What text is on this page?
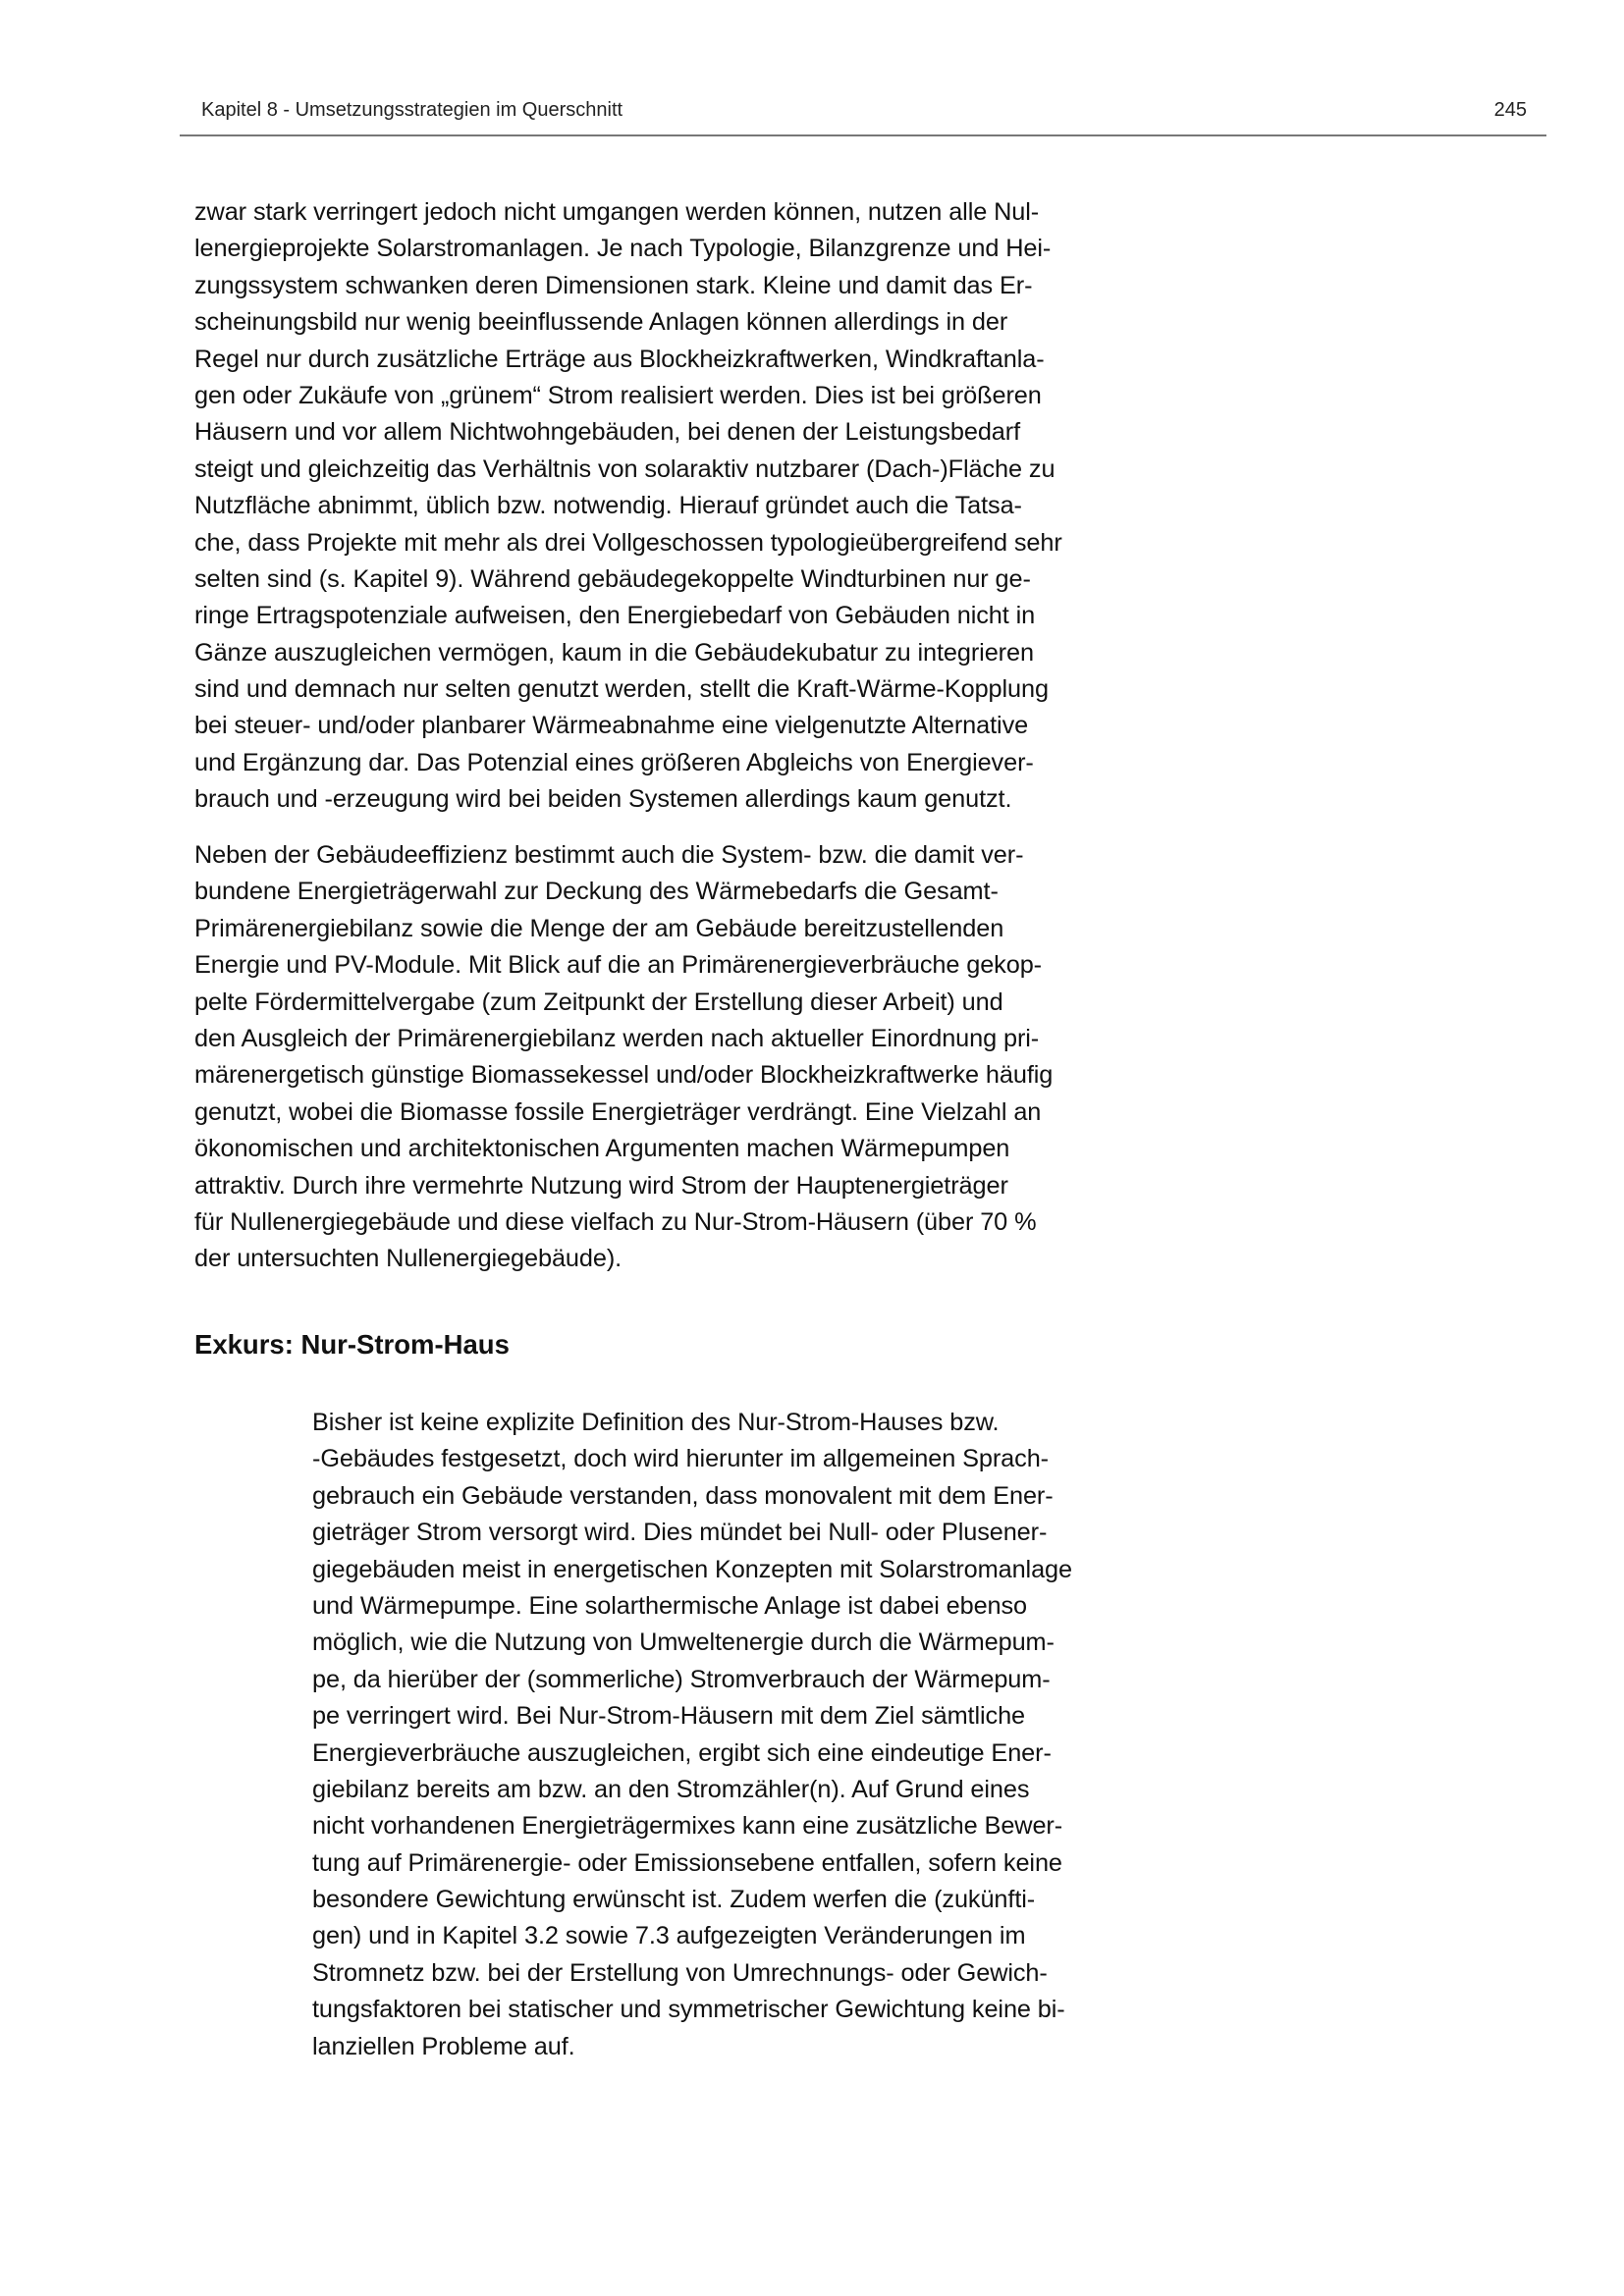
Kapitel 8 - Umsetzungsstrategien im Querschnitt	245
zwar stark verringert jedoch nicht umgangen werden können, nutzen alle Nul-
lenergieprojekte Solarstromanlagen. Je nach Typologie, Bilanzgrenze und Hei-
zungssystem schwanken deren Dimensionen stark. Kleine und damit das Er-
scheinungsbild nur wenig beeinflussende Anlagen können allerdings in der
Regel nur durch zusätzliche Erträge aus Blockheizkraftwerken, Windkraftanla-
gen oder Zukäufe von „grünem“ Strom realisiert werden. Dies ist bei größeren
Häusern und vor allem Nichtwohngebäuden, bei denen der Leistungsbedarf
steigt und gleichzeitig das Verhältnis von solaraktiv nutzbarer (Dach-)Fläche zu
Nutzfläche abnimmt, üblich bzw. notwendig. Hierauf gründet auch die Tatsa-
che, dass Projekte mit mehr als drei Vollgeschossen typologieübergreifend sehr
selten sind (s. Kapitel 9). Während gebäudegekoppelte Windturbinen nur ge-
ringe Ertragspotenziale aufweisen, den Energiebedarf von Gebäuden nicht in
Gänze auszugleichen vermögen, kaum in die Gebäudekubatur zu integrieren
sind und demnach nur selten genutzt werden, stellt die Kraft-Wärme-Kopplung
bei steuer- und/oder planbarer Wärmeabnahme eine vielgenutzte Alternative
und Ergänzung dar. Das Potenzial eines größeren Abgleichs von Energiever-
brauch und -erzeugung wird bei beiden Systemen allerdings kaum genutzt.
Neben der Gebäudeeffizienz bestimmt auch die System- bzw. die damit ver-
bundene Energieträgerwahl zur Deckung des Wärmebedarfs die Gesamt-
Primärenergiebilanz sowie die Menge der am Gebäude bereitzustellenden
Energie und PV-Module. Mit Blick auf die an Primärenergieverbräuche gekop-
pelte Fördermittelvergabe (zum Zeitpunkt der Erstellung dieser Arbeit) und
den Ausgleich der Primärenergiebilanz werden nach aktueller Einordnung pri-
märenergetisch günstige Biomassekessel und/oder Blockheizkraftwerke häufig
genutzt, wobei die Biomasse fossile Energieträger verdrängt. Eine Vielzahl an
ökonomischen und architektonischen Argumenten machen Wärmepumpen
attraktiv. Durch ihre vermehrte Nutzung wird Strom der Hauptenergieträger
für Nullenergiegebäude und diese vielfach zu Nur-Strom-Häusern (über 70 %
der untersuchten Nullenergiegebäude).
Exkurs: Nur-Strom-Haus
Bisher ist keine explizite Definition des Nur-Strom-Hauses bzw.
-Gebäudes festgesetzt, doch wird hierunter im allgemeinen Sprach-
gebrauch ein Gebäude verstanden, dass monovalent mit dem Ener-
gieträger Strom versorgt wird. Dies mündet bei Null- oder Plusener-
giegebäuden meist in energetischen Konzepten mit Solarstromanlage
und Wärmepumpe. Eine solarthermische Anlage ist dabei ebenso
möglich, wie die Nutzung von Umweltenergie durch die Wärmepum-
pe, da hierüber der (sommerliche) Stromverbrauch der Wärmepum-
pe verringert wird. Bei Nur-Strom-Häusern mit dem Ziel sämtliche
Energieverbräuche auszugleichen, ergibt sich eine eindeutige Ener-
giebilanz bereits am bzw. an den Stromzähler(n). Auf Grund eines
nicht vorhandenen Energieträgermixes kann eine zusätzliche Bewer-
tung auf Primärenergie- oder Emissionsebene entfallen, sofern keine
besondere Gewichtung erwünscht ist. Zudem werfen die (zukünfti-
gen) und in Kapitel 3.2 sowie 7.3 aufgezeigten Veränderungen im
Stromnetz bzw. bei der Erstellung von Umrechnungs- oder Gewich-
tungsfaktoren bei statischer und symmetrischer Gewichtung keine bi-
lanziellen Probleme auf.
